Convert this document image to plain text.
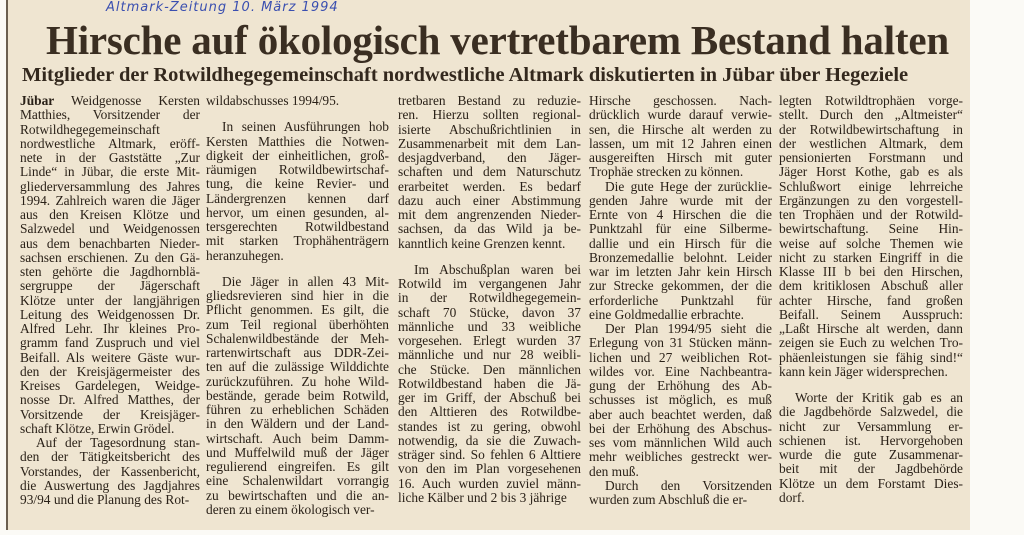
Altmark-Zeitung 10. März 1994
Hirsche auf ökologisch vertretbarem Bestand halten
Mitglieder der Rotwildhegegemeinschaft nordwestliche Altmark diskutierten in Jübar über Hegeziele
Jübar Weidgenosse Kersten
Matthies, Vorsitzender der
Rotwildhegegemeinschaft
nordwestliche Altmark, eröff-
nete in der Gaststätte „Zur
Linde“ in Jübar, die erste Mit-
gliederversammlung des Jahres
1994. Zahlreich waren die Jäger
aus den Kreisen Klötze und
Salzwedel und Weidgenossen
aus dem benachbarten Nieder-
sachsen erschienen. Zu den Gä-
sten gehörte die Jagdhornblä-
sergruppe der Jägerschaft
Klötze unter der langjährigen
Leitung des Weidgenossen Dr.
Alfred Lehr. Ihr kleines Pro-
gramm fand Zuspruch und viel
Beifall. Als weitere Gäste wur-
den der Kreisjägermeister des
Kreises Gardelegen, Weidge-
nosse Dr. Alfred Matthes, der
Vorsitzende der Kreisjäger-
schaft Klötze, Erwin Grödel.
Auf der Tagesordnung stan-
den der Tätigkeitsbericht des
Vorstandes, der Kassenbericht,
die Auswertung des Jagdjahres
93/94 und die Planung des Rot-
wildabschusses 1994/95.
In seinen Ausführungen hob
Kersten Matthies die Notwen-
digkeit der einheitlichen, groß-
räumigen Rotwildbewirtschaf-
tung, die keine Revier- und
Ländergrenzen kennen darf
hervor, um einen gesunden, al-
tersgerechten Rotwildbestand
mit starken Trophähenträgern
heranzuhegen.
Die Jäger in allen 43 Mit-
gliedsrevieren sind hier in die
Pflicht genommen. Es gilt, die
zum Teil regional überhöhten
Schalenwildbestände der Meh-
rartenwirtschaft aus DDR-Zei-
ten auf die zulässige Wilddichte
zurückzuführen. Zu hohe Wild-
bestände, gerade beim Rotwild,
führen zu erheblichen Schäden
in den Wäldern und der Land-
wirtschaft. Auch beim Damm-
und Muffelwild muß der Jäger
regulierend eingreifen. Es gilt
eine Schalenwildart vorrangig
zu bewirtschaften und die an-
deren zu einem ökologisch ver-
tretbaren Bestand zu reduzie-
ren. Hierzu sollten regional-
isierte Abschußrichtlinien in
Zusammenarbeit mit dem Lan-
desjagdverband, den Jäger-
schaften und dem Naturschutz
erarbeitet werden. Es bedarf
dazu auch einer Abstimmung
mit dem angrenzenden Nieder-
sachsen, da das Wild ja be-
kanntlich keine Grenzen kennt.
Im Abschußplan waren bei
Rotwild im vergangenen Jahr
in der Rotwildhegegemein-
schaft 70 Stücke, davon 37
männliche und 33 weibliche
vorgesehen. Erlegt wurden 37
männliche und nur 28 weibli-
che Stücke. Den männlichen
Rotwildbestand haben die Jä-
ger im Griff, der Abschuß bei
den Alttieren des Rotwildbe-
standes ist zu gering, obwohl
notwendig, da sie die Zuwach-
sträger sind. So fehlen 6 Alttiere
von den im Plan vorgesehenen
16. Auch wurden zuviel männ-
liche Kälber und 2 bis 3 jährige
Hirsche geschossen. Nach-
drücklich wurde darauf verwie-
sen, die Hirsche alt werden zu
lassen, um mit 12 Jahren einen
ausgereiften Hirsch mit guter
Trophäe strecken zu können.
Die gute Hege der zurücklie-
genden Jahre wurde mit der
Ernte von 4 Hirschen die die
Punktzahl für eine Silberme-
dallie und ein Hirsch für die
Bronzemedallie belohnt. Leider
war im letzten Jahr kein Hirsch
zur Strecke gekommen, der die
erforderliche Punktzahl für
eine Goldmedallie erbrachte.
Der Plan 1994/95 sieht die
Erlegung von 31 Stücken männ-
lichen und 27 weiblichen Rot-
wildes vor. Eine Nachbeantra-
gung der Erhöhung des Ab-
schusses ist möglich, es muß
aber auch beachtet werden, daß
bei der Erhöhung des Abschus-
ses vom männlichen Wild auch
mehr weibliches gestreckt wer-
den muß.
Durch den Vorsitzenden
wurden zum Abschluß die er-
legten Rotwildtrophäen vorge-
stellt. Durch den „Altmeister“
der Rotwildbewirtschaftung in
der westlichen Altmark, dem
pensionierten Forstmann und
Jäger Horst Kothe, gab es als
Schlußwort einige lehrreiche
Ergänzungen zu den vorgestell-
ten Trophäen und der Rotwild-
bewirtschaftung. Seine Hin-
weise auf solche Themen wie
nicht zu starken Eingriff in die
Klasse III b bei den Hirschen,
dem kritiklosen Abschuß aller
achter Hirsche, fand großen
Beifall. Seinem Ausspruch:
„Laßt Hirsche alt werden, dann
zeigen sie Euch zu welchen Tro-
phäenleistungen sie fähig sind!“
kann kein Jäger widersprechen.
Worte der Kritik gab es an
die Jagdbehörde Salzwedel, die
nicht zur Versammlung er-
schienen ist. Hervorgehoben
wurde die gute Zusammenar-
beit mit der Jagdbehörde
Klötze un dem Forstamt Dies-
dorf.
